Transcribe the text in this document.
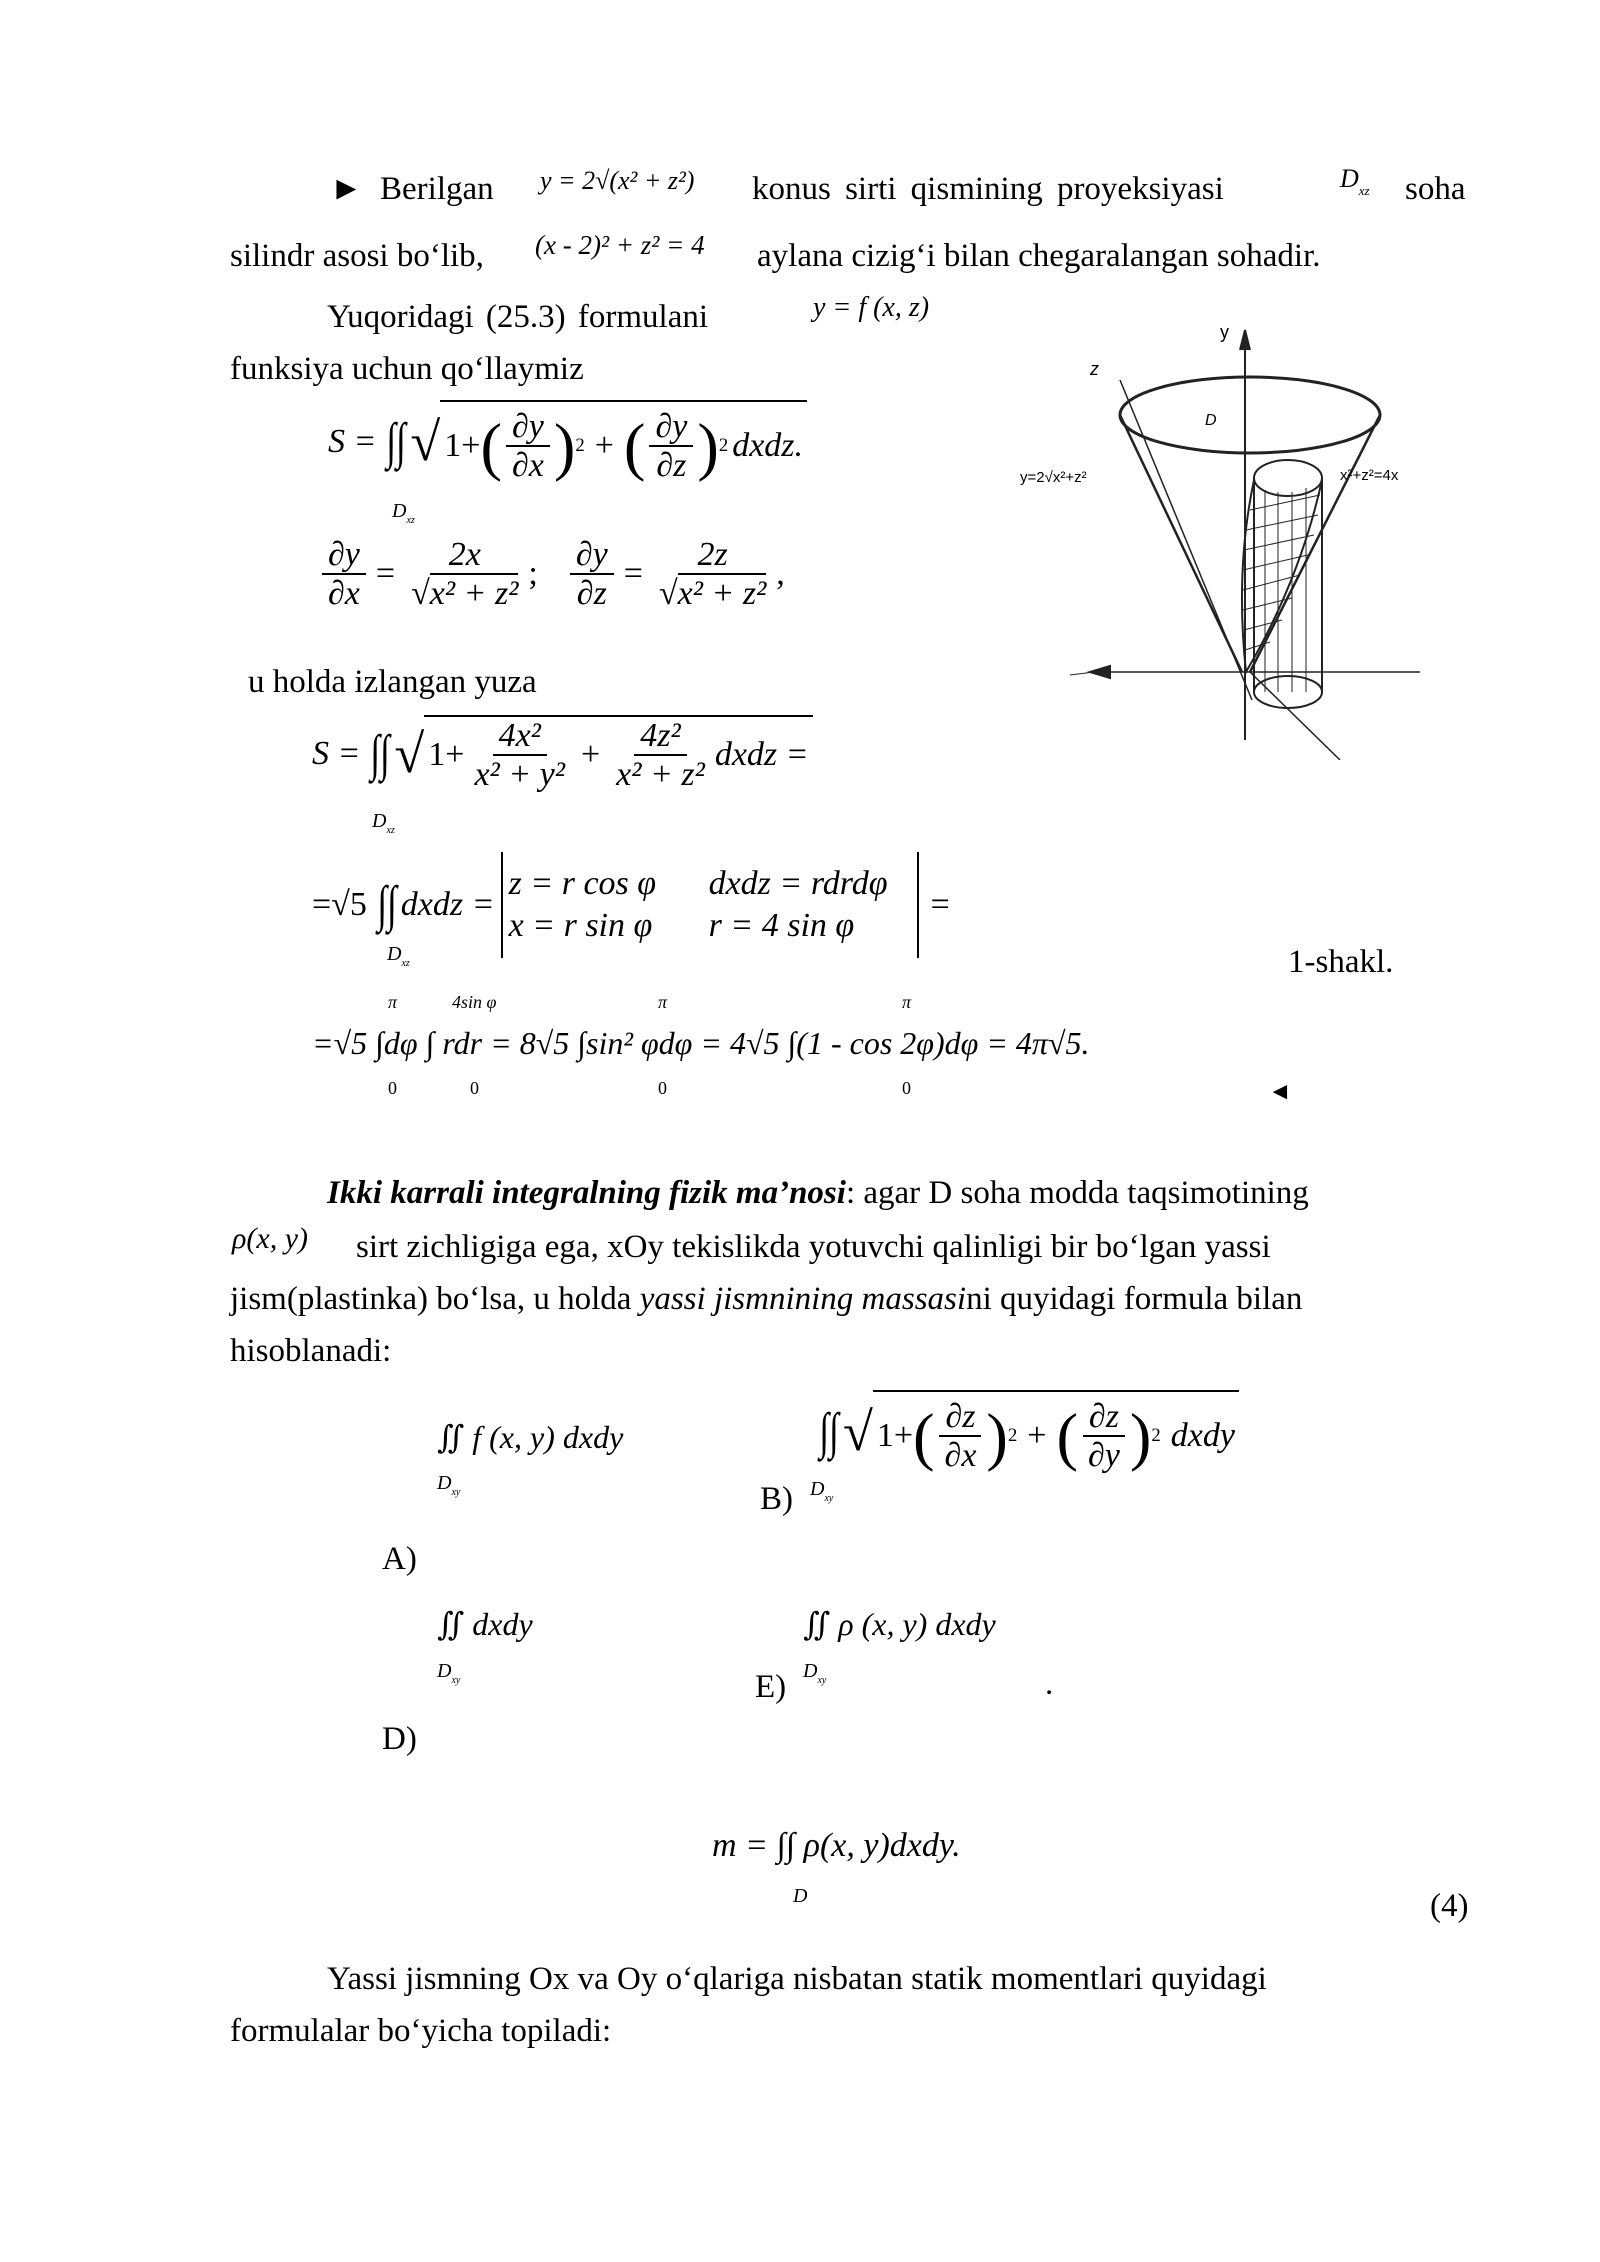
► Berilgan y = 2√(x² + z²) konus sirti qismining proyeksiyasi	$D_{xz}$ soha
silindr asosi bo‘lib, (x - 2)² + z² = 4 aylana cizig‘i bilan chegaralangan sohadir.
Yuqoridagi (25.3) formulani	y = f (x, z)
funksiya uchun qo‘llaymiz
S = ∫∫ √ 1+ ( $\frac{\partial y}{\partial x}$ ) 2 + ( $\frac{\partial y}{\partial z}$ ) 2 dxdz.
$D_{xz}$
$\frac{\partial y}{\partial x} = \frac{2x}{\text{√x² + z²}}$ ; $\frac{\partial y}{\partial z} = \frac{2z}{\text{√x² + z²}}$ ,
u holda izlangan yuza
S = ∫∫ √ $1+ \frac{\text{4x²}}{\text{x² + y²}} + \frac{\text{4z²}}{\text{x² + z²}}$ dxdz =
$D_{xz}$
=√5 ∫∫ dxdz =
z = r cos φ	dxdz = rdrdφ
x = r sin φ	r = 4 sin φ
=
$D_{xz}$	1-shakl.
=√5 ∫dφ ∫ rdr = 8√5 ∫sin² φdφ = 4√5 ∫(1 - cos 2φ)dφ = 4π√5.
π	4sin φ	π	π
0	0	0	0	◄
y
z
D
y=2√x²+z²	x²+z²=4x
Ikki karrali integralning fizik ma’nosi: agar D soha modda taqsimotining
ρ(x, y) sirt zichligiga ega, xOy tekislikda yotuvchi qalinligi bir bo‘lgan yassi
jism(plastinka) bo‘lsa, u holda yassi jismnining massasini quyidagi formula bilan
hisoblanadi:
∬ f (x, y) dxdy
$D_{xy}$
A)
B)
∫∫ √ 1+ ( $\frac{\partial z}{\partial x}$ ) 2 + ( $\frac{\partial z}{\partial y}$ ) 2 dxdy
$D_{xy}$
∬ dxdy
$D_{xy}$
D)
∬ ρ (x, y) dxdy
$D_{xy}$
E)	.
m = ∫∫ ρ(x, y)dxdy.
D	(4)
Yassi jismning Ox va Oy o‘qlariga nisbatan statik momentlari quyidagi
formulalar bo‘yicha topiladi:
